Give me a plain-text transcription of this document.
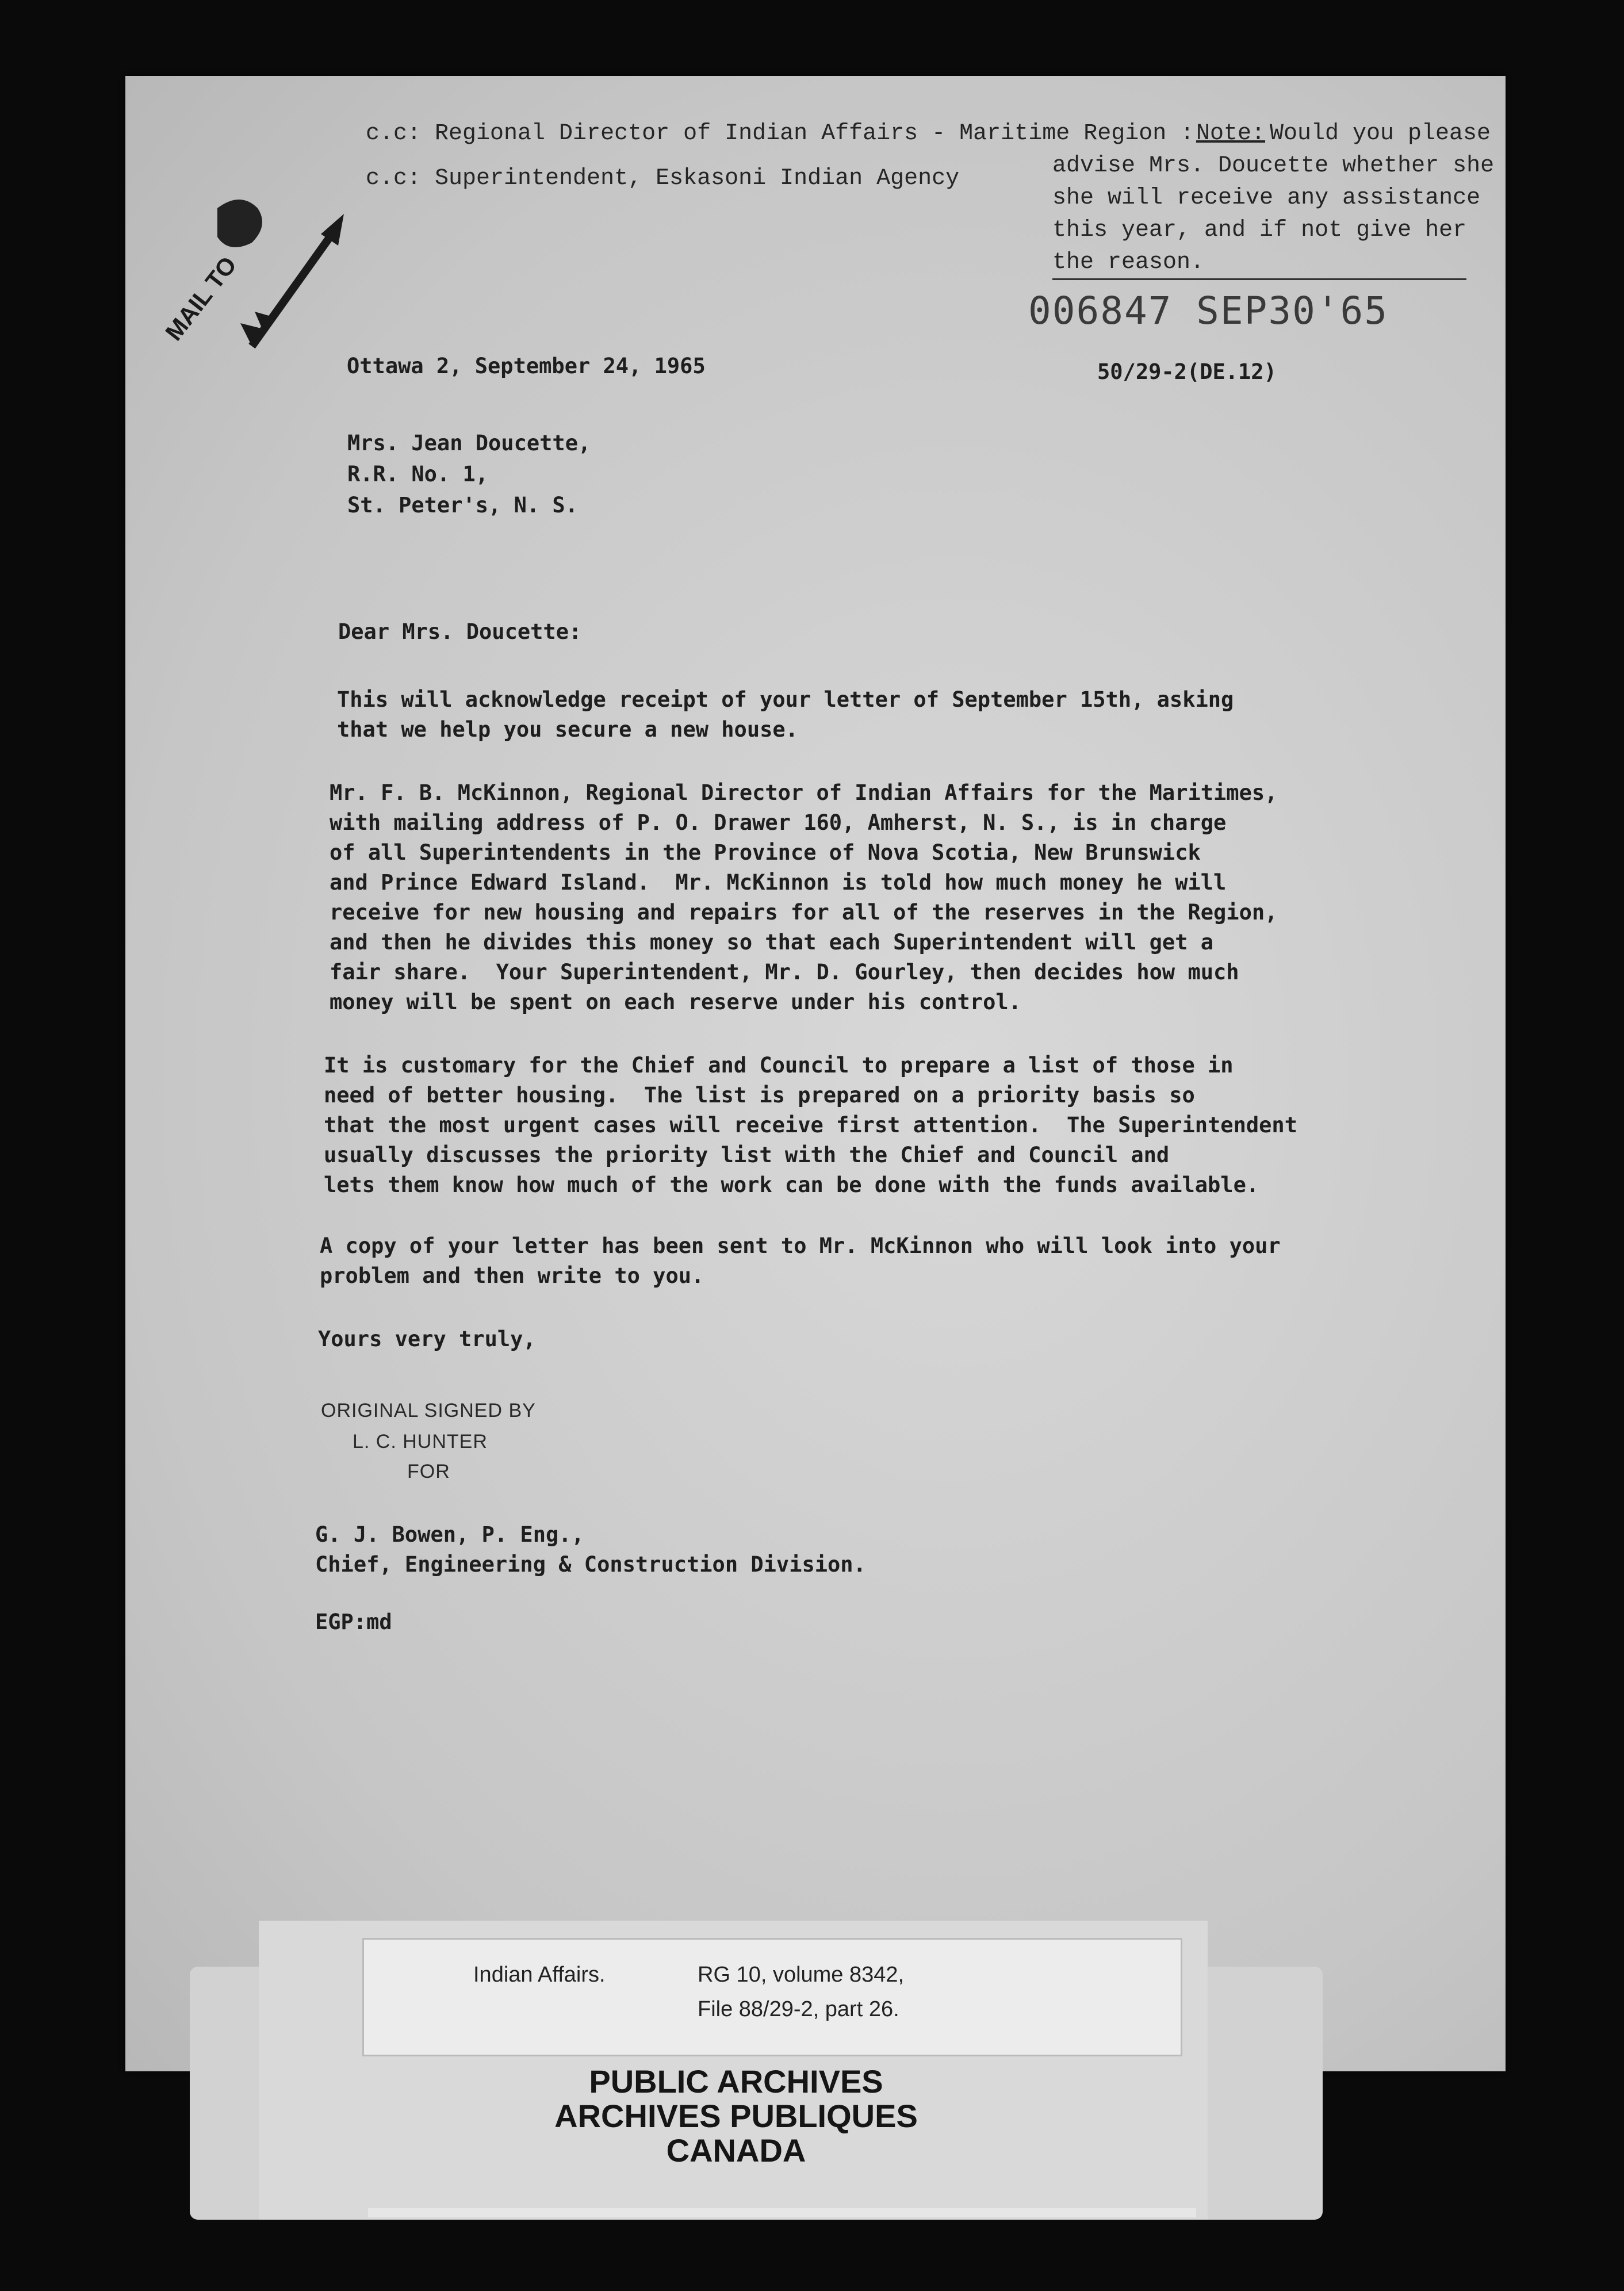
MAIL TO
c.c: Regional Director of Indian Affairs - Maritime Region :
c.c: Superintendent, Eskasoni Indian Agency
Note: Would you please
advise Mrs. Doucette whether she
she will receive any assistance
this year, and if not give her
the reason.
006847 SEP30'65
Ottawa 2, September 24, 1965	50/29-2(DE.12)
Mrs. Jean Doucette,
R.R. No. 1,
St. Peter's, N. S.
Dear Mrs. Doucette:
This will acknowledge receipt of your letter of September 15th, asking
that we help you secure a new house.
Mr. F. B. McKinnon, Regional Director of Indian Affairs for the Maritimes,
with mailing address of P. O. Drawer 160, Amherst, N. S., is in charge
of all Superintendents in the Province of Nova Scotia, New Brunswick
and Prince Edward Island.  Mr. McKinnon is told how much money he will
receive for new housing and repairs for all of the reserves in the Region,
and then he divides this money so that each Superintendent will get a
fair share.  Your Superintendent, Mr. D. Gourley, then decides how much
money will be spent on each reserve under his control.
It is customary for the Chief and Council to prepare a list of those in
need of better housing.  The list is prepared on a priority basis so
that the most urgent cases will receive first attention.  The Superintendent
usually discusses the priority list with the Chief and Council and
lets them know how much of the work can be done with the funds available.
A copy of your letter has been sent to Mr. McKinnon who will look into your
problem and then write to you.
Yours very truly,
ORIGINAL SIGNED BY
L. C. HUNTER
FOR
G. J. Bowen, P. Eng.,
Chief, Engineering & Construction Division.
EGP:md
Indian Affairs.	RG 10, volume 8342,
File 88/29-2, part 26.
PUBLIC ARCHIVES
ARCHIVES PUBLIQUES
CANADA
